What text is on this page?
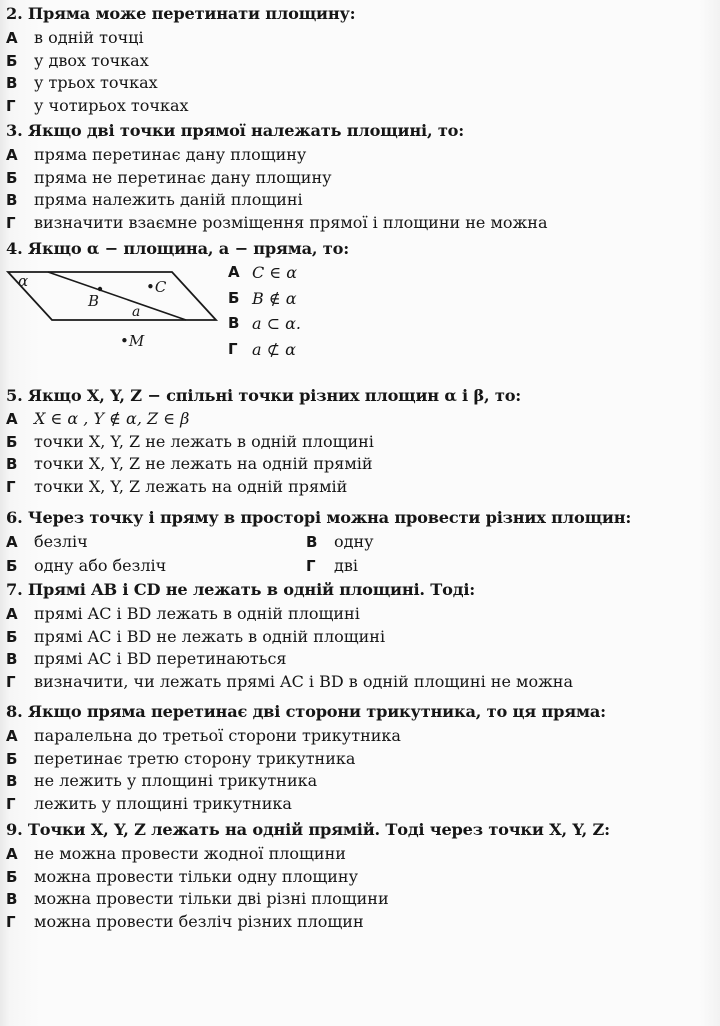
2. Пряма може перетинати площину:
А	в одній точці
Б	у двох точках
В	у трьох точках
Г	у чотирьох точках
3. Якщо дві точки прямої належать площині, то:
А	пряма перетинає дану площину
Б	пряма не перетинає дану площину
В	пряма належить даній площині
Г	визначити взаємне розміщення прямої і площини не можна
4. Якщо α − площина, a − пряма, то:
α
B
•C
a
•M
А C ∈ α
Б B ∉ α
В a ⊂ α.
Г a ⊄ α
5. Якщо X, Y, Z − спільні точки різних площин α і β, то:
А	X ∈ α , Y ∉ α, Z ∈ β
Б	точки X, Y, Z не лежать в одній площині
В	точки X, Y, Z не лежать на одній прямій
Г	точки X, Y, Z лежать на одній прямій
6. Через точку і пряму в просторі можна провести різних площин:
А безліч	В одну
Б одну або безліч	Г дві
7. Прямі AB і CD не лежать в одній площині. Тоді:
А	прямі AC і BD лежать в одній площині
Б	прямі AC і BD не лежать в одній площині
В	прямі AC і BD перетинаються
Г	визначити, чи лежать прямі AC і BD в одній площині не можна
8. Якщо пряма перетинає дві сторони трикутника, то ця пряма:
А	паралельна до третьої сторони трикутника
Б	перетинає третю сторону трикутника
В	не лежить у площині трикутника
Г	лежить у площині трикутника
9. Точки X, Y, Z лежать на одній прямій. Тоді через точки X, Y, Z:
А	не можна провести жодної площини
Б	можна провести тільки одну площину
В	можна провести тільки дві різні площини
Г	можна провести безліч різних площин
